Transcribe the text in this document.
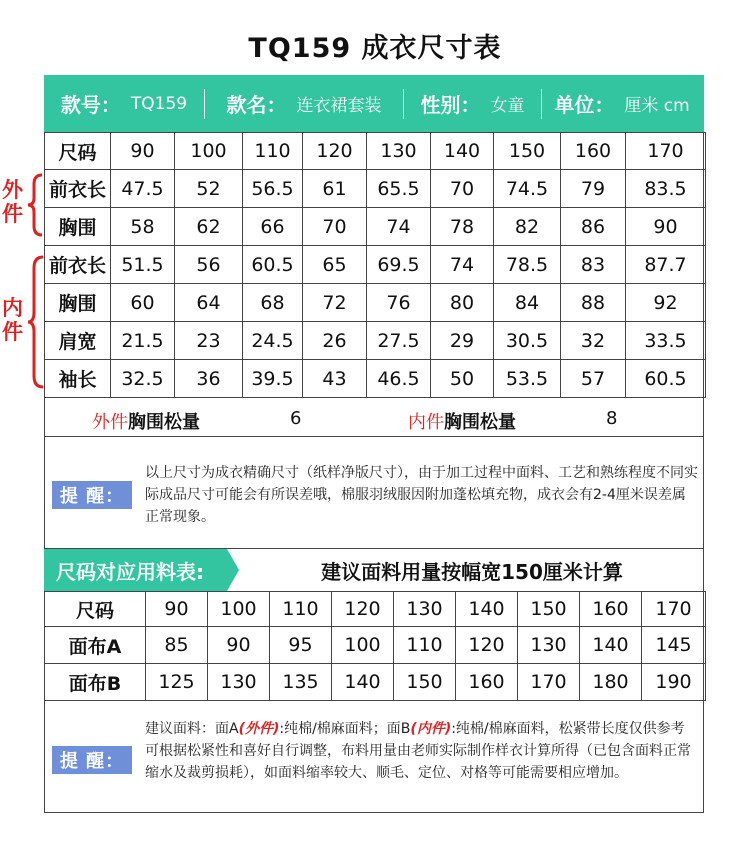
TQ159 成衣尺寸表
款号： TQ159 款名： 连衣裙套装 性别： 女童 单位： 厘米 cm
尺码	90	100	110	120	130	140	150	160	170
前衣长	47.5	52	56.5	61	65.5	70	74.5	79	83.5
胸围	58	62	66	70	74	78	82	86	90
前衣长	51.5	56	60.5	65	69.5	74	78.5	83	87.7
胸围	60	64	68	72	76	80	84	88	92
肩宽	21.5	23	24.5	26	27.5	29	30.5	32	33.5
袖长	32.5	36	39.5	43	46.5	50	53.5	57	60.5
外件
内件
外件胸围松量	6	内件胸围松量	8
提 醒：
以上尺寸为成衣精确尺寸（纸样净版尺寸），由于加工过程中面料、工艺和熟练程度不同实际成品尺寸可能会有所误差哦，棉服羽绒服因附加蓬松填充物，成衣会有2-4厘米误差属正常现象。
尺码对应用料表:	建议面料用量按幅宽150厘米计算
尺码	90	100	110	120	130	140	150	160	170
面布A	85	90	95	100	110	120	130	140	145
面布B	125	130	135	140	150	160	170	180	190
提 醒：
建议面料：面A(外件):纯棉/棉麻面料；面B(内件):纯棉/棉麻面料，松紧带长度仅供参考可根据松紧性和喜好自行调整，布料用量由老师实际制作样衣计算所得（已包含面料正常缩水及裁剪损耗），如面料缩率较大、顺毛、定位、对格等可能需要相应增加。
